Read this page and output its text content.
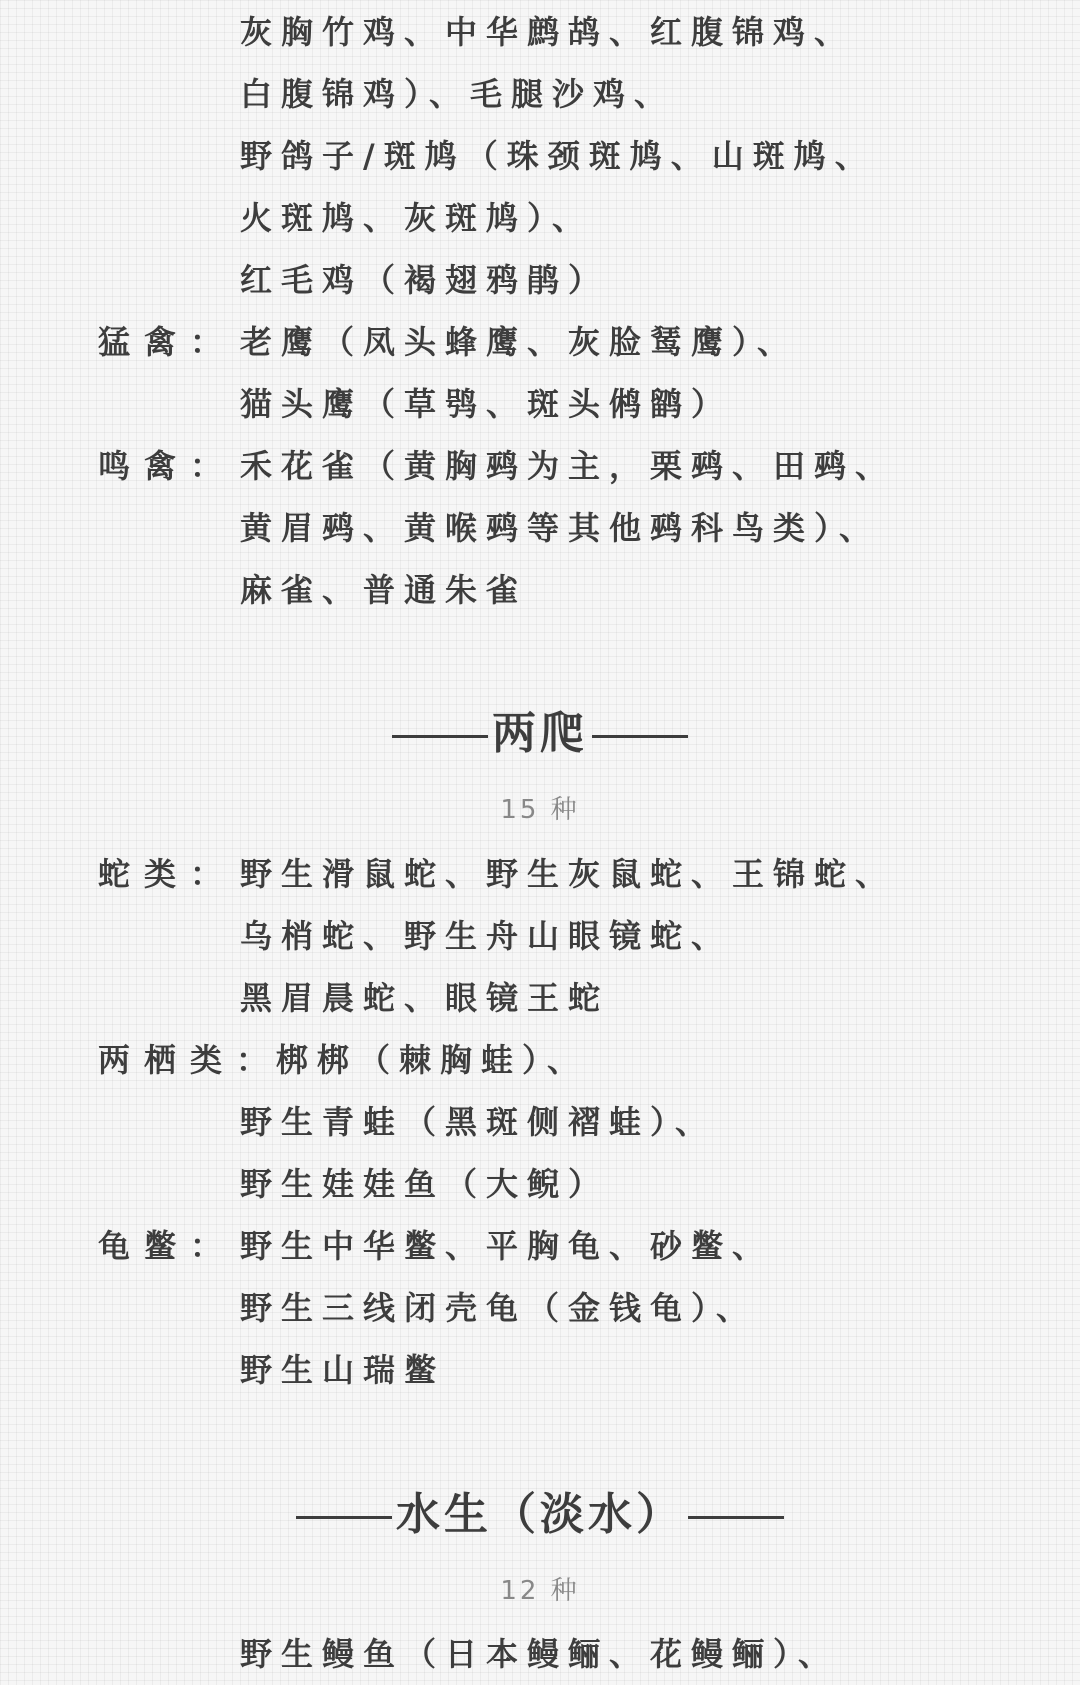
灰胸竹鸡、中华鹧鸪、红腹锦鸡、
白腹锦鸡）、毛腿沙鸡、
野鸽子/斑鸠（珠颈斑鸠、山斑鸠、
火斑鸠、灰斑鸠）、
红毛鸡（褐翅鸦鹃）
猛禽： 老鹰（凤头蜂鹰、灰脸𫛭鹰）、
猫头鹰（草鸮、斑头鸺鹠）
鸣禽： 禾花雀（黄胸鹀为主，栗鹀、田鹀、
黄眉鹀、黄喉鹀等其他鹀科鸟类）、
麻雀、普通朱雀
两爬
15 种
蛇类： 野生滑鼠蛇、野生灰鼠蛇、王锦蛇、
乌梢蛇、野生舟山眼镜蛇、
黑眉晨蛇、眼镜王蛇
两栖类：
梆梆（棘胸蛙）、
野生青蛙（黑斑侧褶蛙）、
野生娃娃鱼（大鲵）
龟鳖： 野生中华鳖、平胸龟、砂鳖、
野生三线闭壳龟（金钱龟）、
野生山瑞鳖
水生（淡水）
12 种
野生鳗鱼（日本鳗鲡、花鳗鲡）、
